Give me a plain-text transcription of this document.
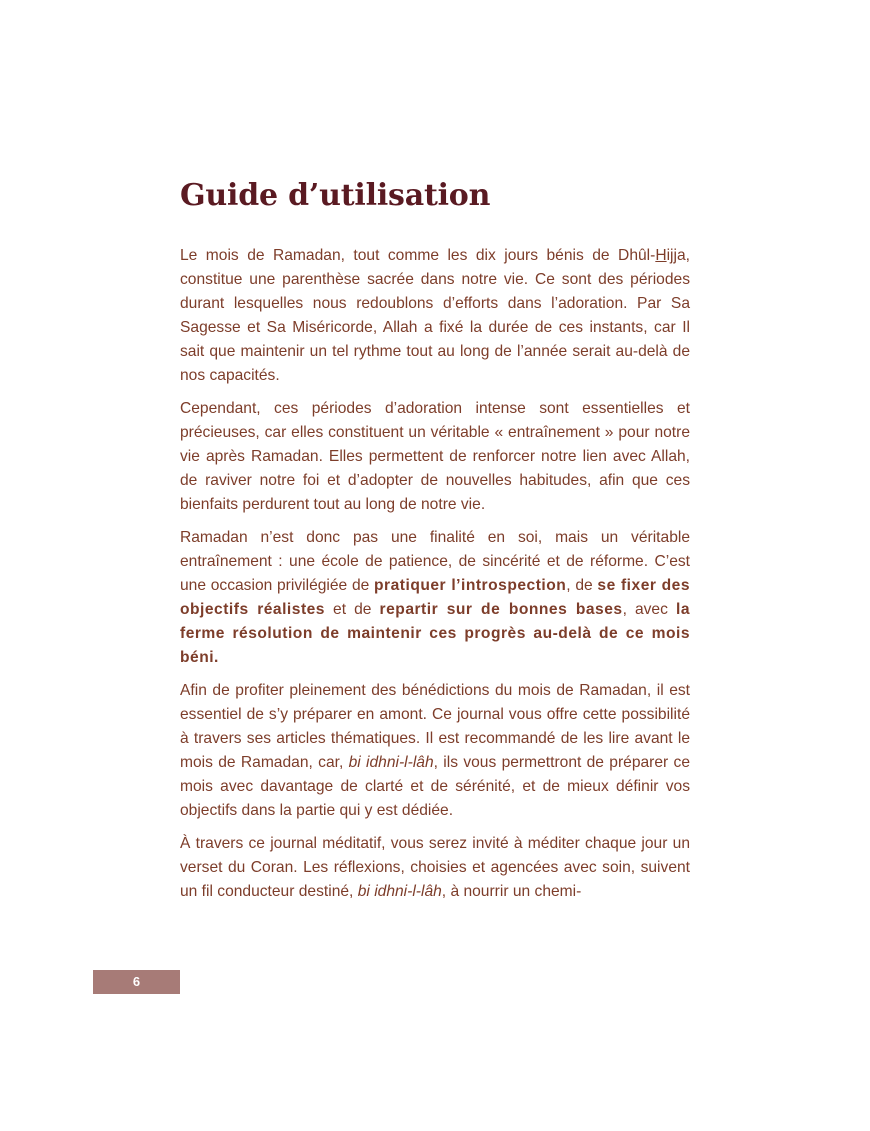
Guide d’utilisation

Le mois de Ramadan, tout comme les dix jours bénis de Dhûl-Hijja, constitue une parenthèse sacrée dans notre vie. Ce sont des périodes durant lesquelles nous redoublons d’efforts dans l’adoration. Par Sa Sagesse et Sa Miséricorde, Allah a fixé la durée de ces instants, car Il sait que maintenir un tel rythme tout au long de l’année serait au-delà de nos capacités.

Cependant, ces périodes d’adoration intense sont essentielles et précieuses, car elles constituent un véritable « entraînement » pour notre vie après Ramadan. Elles permettent de renforcer notre lien avec Allah, de raviver notre foi et d’adopter de nouvelles habitudes, afin que ces bienfaits perdurent tout au long de notre vie.

Ramadan n’est donc pas une finalité en soi, mais un véritable entraînement : une école de patience, de sincérité et de réforme. C’est une occasion privilégiée de pratiquer l’introspection, de se fixer des objectifs réalistes et de repartir sur de bonnes bases, avec la ferme résolution de maintenir ces progrès au-delà de ce mois béni.

Afin de profiter pleinement des bénédictions du mois de Ramadan, il est essentiel de s’y préparer en amont. Ce journal vous offre cette possibilité à travers ses articles thématiques. Il est recommandé de les lire avant le mois de Ramadan, car, bi idhni-l-lâh, ils vous permettront de préparer ce mois avec davantage de clarté et de sérénité, et de mieux définir vos objectifs dans la partie qui y est dédiée.

À travers ce journal méditatif, vous serez invité à méditer chaque jour un verset du Coran. Les réflexions, choisies et agencées avec soin, suivent un fil conducteur destiné, bi idhni-l-lâh, à nourrir un chemi-

6
